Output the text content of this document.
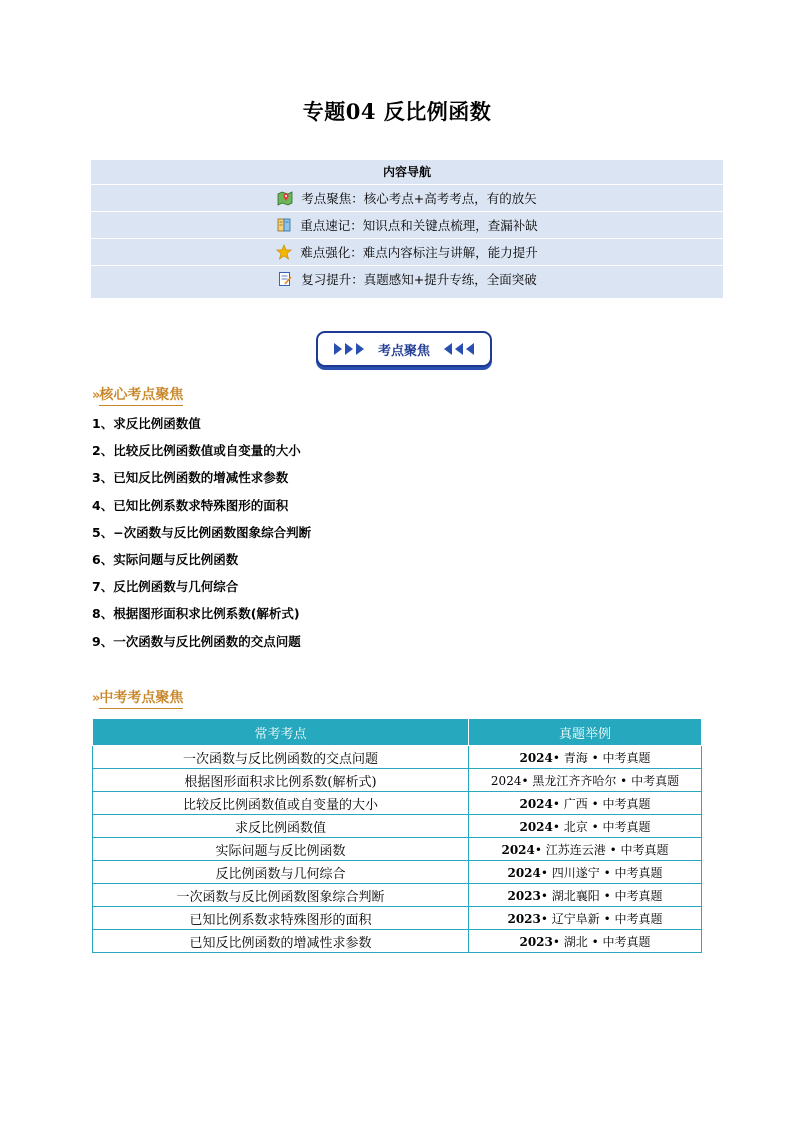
专题04 反比例函数
内容导航
考点聚焦：核心考点+高考考点，有的放矢
重点速记：知识点和关键点梳理，查漏补缺
难点强化：难点内容标注与讲解，能力提升
复习提升：真题感知+提升专练，全面突破
考点聚焦
» 核心考点聚焦
1、求反比例函数值
2、比较反比例函数值或自变量的大小
3、已知反比例函数的增减性求参数
4、已知比例系数求特殊图形的面积
5、−次函数与反比例函数图象综合判断
6、实际问题与反比例函数
7、反比例函数与几何综合
8、根据图形面积求比例系数(解析式)
9、一次函数与反比例函数的交点问题
» 中考考点聚焦
常考考点	真题举例
一次函数与反比例函数的交点问题	2024• 青海 • 中考真题
根据图形面积求比例系数(解析式)	2024• 黑龙江齐齐哈尔 • 中考真题
比较反比例函数值或自变量的大小	2024• 广西 • 中考真题
求反比例函数值	2024• 北京 • 中考真题
实际问题与反比例函数	2024• 江苏连云港 • 中考真题
反比例函数与几何综合	2024• 四川遂宁 • 中考真题
一次函数与反比例函数图象综合判断	2023• 湖北襄阳 • 中考真题
已知比例系数求特殊图形的面积	2023• 辽宁阜新 • 中考真题
已知反比例函数的增减性求参数	2023• 湖北 • 中考真题
